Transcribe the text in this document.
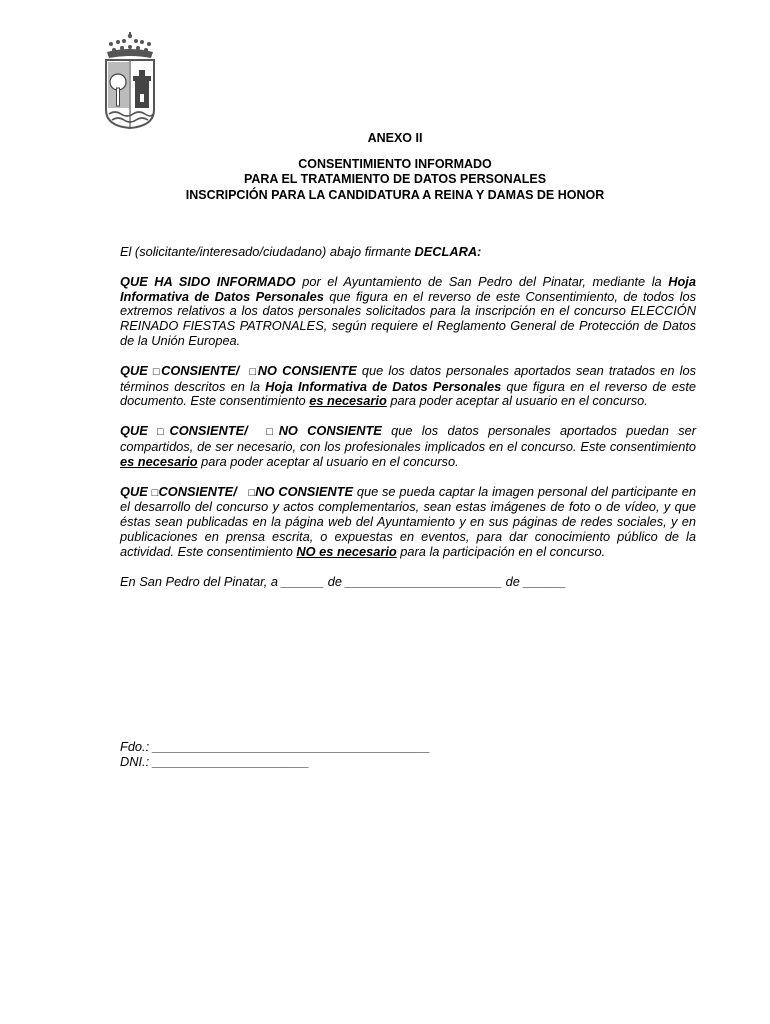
ANEXO II
CONSENTIMIENTO INFORMADO
PARA EL TRATAMIENTO DE DATOS PERSONALES
INSCRIPCIÓN PARA LA CANDIDATURA A REINA Y DAMAS DE HONOR

El (solicitante/interesado/ciudadano) abajo firmante DECLARA:

QUE HA SIDO INFORMADO por el Ayuntamiento de San Pedro del Pinatar, mediante la Hoja Informativa de Datos Personales que figura en el reverso de este Consentimiento, de todos los extremos relativos a los datos personales solicitados para la inscripción en el concurso ELECCIÓN REINADO FIESTAS PATRONALES, según requiere el Reglamento General de Protección de Datos de la Unión Europea.

QUE □CONSIENTE/ □NO CONSIENTE que los datos personales aportados sean tratados en los términos descritos en la Hoja Informativa de Datos Personales que figura en el reverso de este documento. Este consentimiento es necesario para poder aceptar al usuario en el concurso.

QUE □CONSIENTE/ □NO CONSIENTE que los datos personales aportados puedan ser compartidos, de ser necesario, con los profesionales implicados en el concurso. Este consentimiento es necesario para poder aceptar al usuario en el concurso.

QUE □CONSIENTE/ □NO CONSIENTE que se pueda captar la imagen personal del participante en el desarrollo del concurso y actos complementarios, sean estas imágenes de foto o de vídeo, y que éstas sean publicadas en la página web del Ayuntamiento y en sus páginas de redes sociales, y en publicaciones en prensa escrita, o expuestas en eventos, para dar conocimiento público de la actividad. Este consentimiento NO es necesario para la participación en el concurso.

En San Pedro del Pinatar, a ______ de ______________________ de ______

Fdo.: _______________________________________
DNI.: ______________________
